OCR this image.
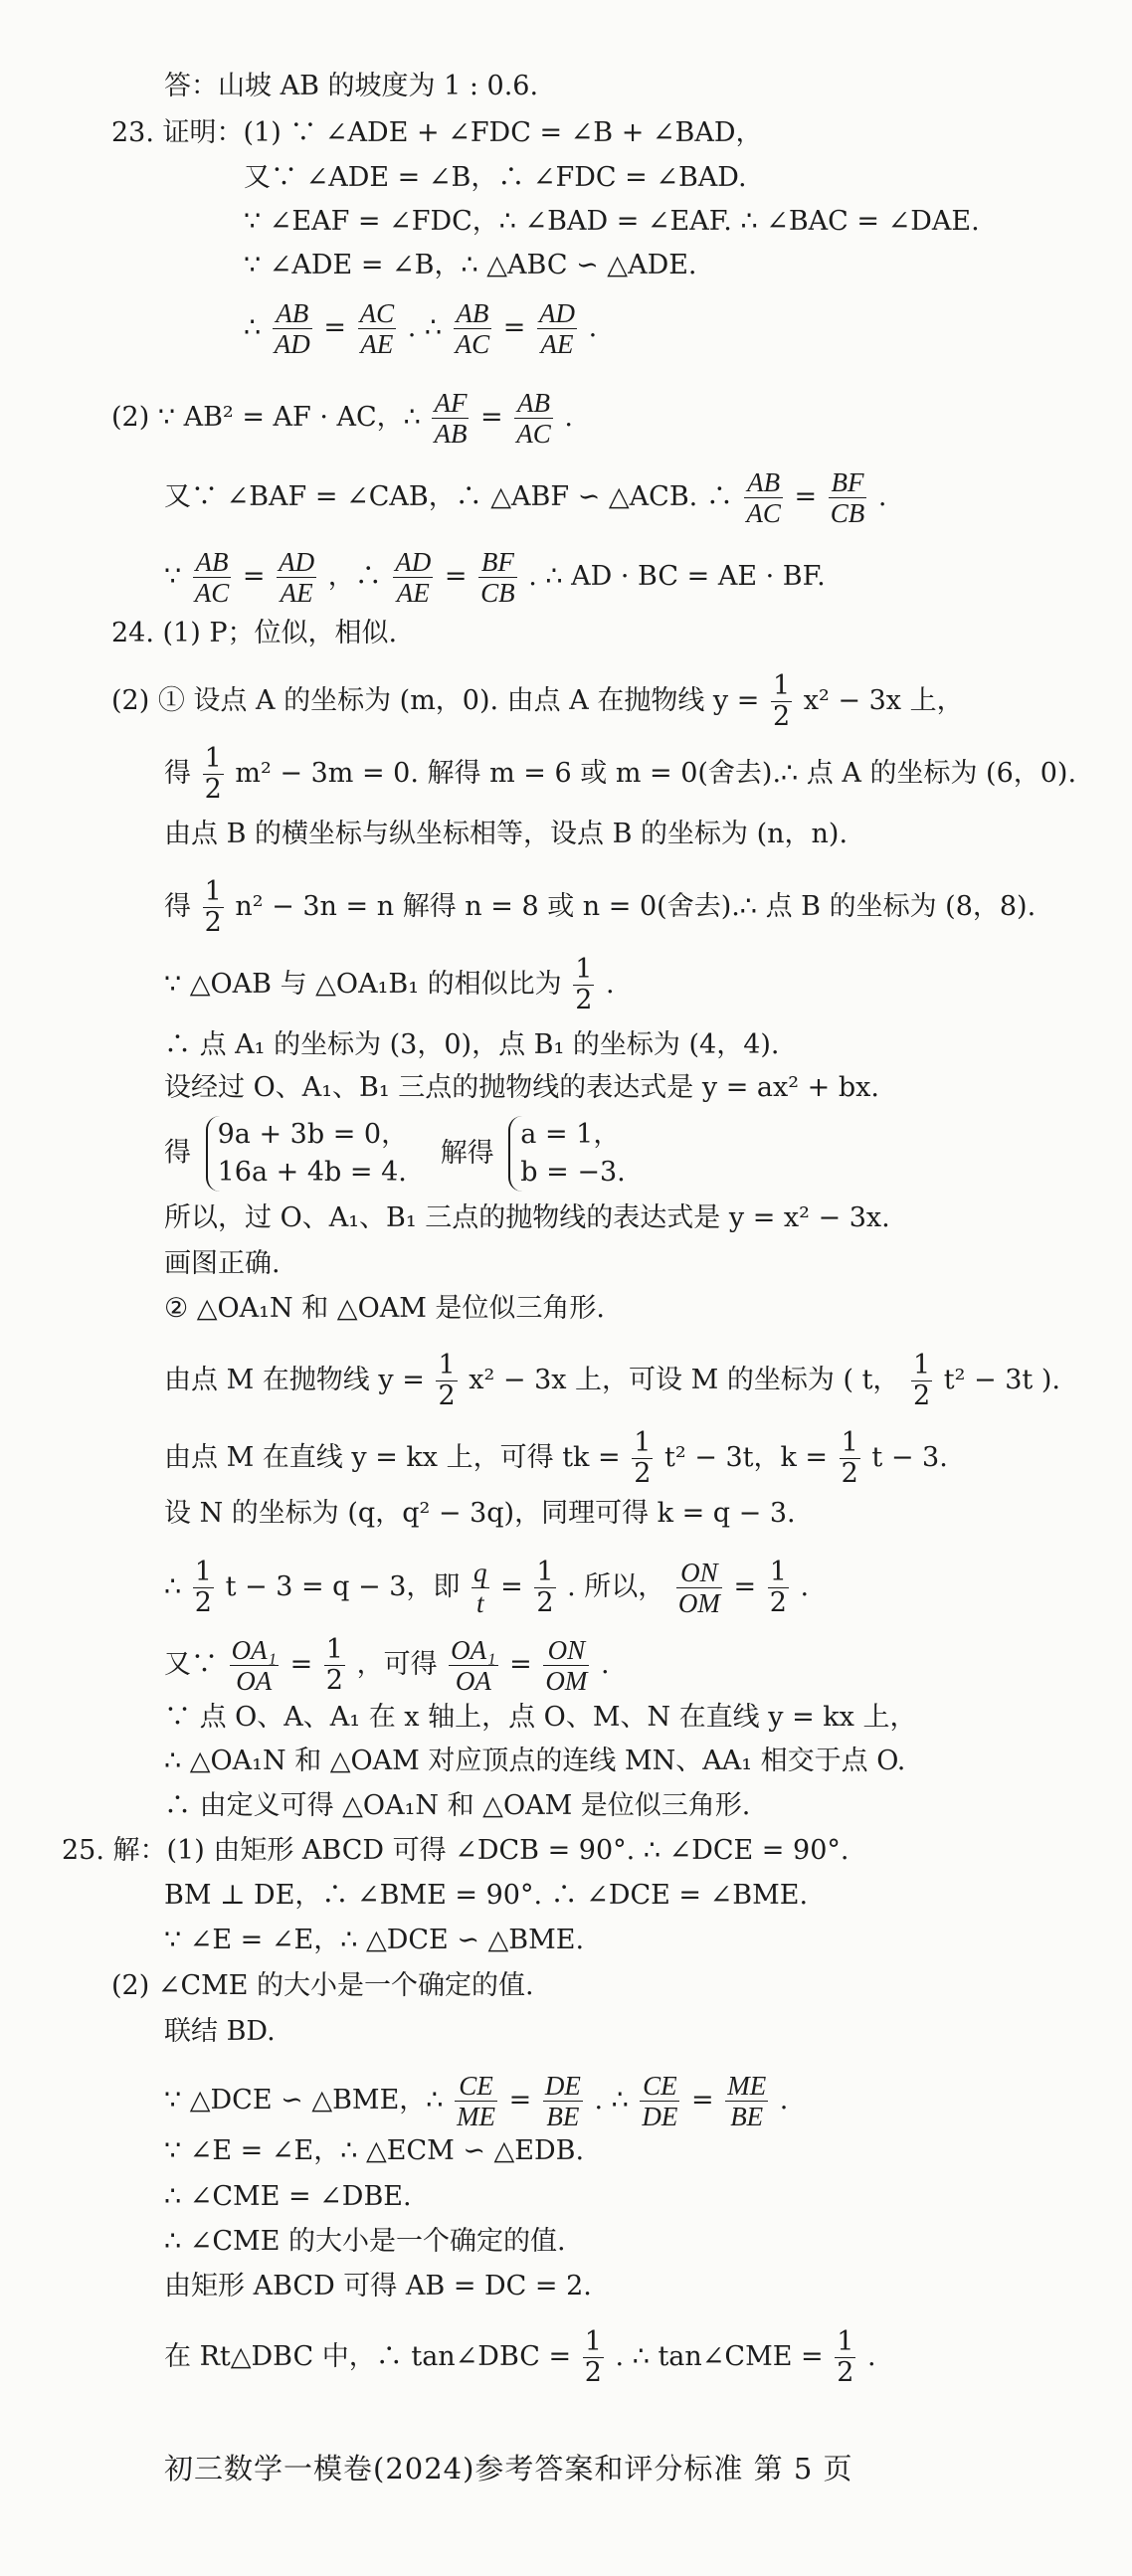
答：山坡 AB 的坡度为 1 : 0.6.
23. 证明：(1) ∵ ∠ADE + ∠FDC = ∠B + ∠BAD，
又∵ ∠ADE = ∠B，∴ ∠FDC = ∠BAD.
∵ ∠EAF = ∠FDC，∴ ∠BAD = ∠EAF. ∴ ∠BAC = ∠DAE.
∵ ∠ADE = ∠B，∴ △ABC ∽ △ADE.
∴ $\frac{AB}{AD} = \frac{AC}{AE}$ . ∴ $\frac{AB}{AC} = \frac{AD}{AE}$ .
(2) ∵ AB² = AF · AC，∴ $\frac{AF}{AB} = \frac{AB}{AC}$ .
又∵ ∠BAF = ∠CAB，∴ △ABF ∽ △ACB. ∴ $\frac{AB}{AC} = \frac{BF}{CB}$ .
∵ $\frac{AB}{AC} = \frac{AD}{AE}$ ，∴ $\frac{AD}{AE} = \frac{BF}{CB}$ . ∴ AD · BC = AE · BF.
24. (1) P；位似，相似.
(2) ① 设点 A 的坐标为 (m，0). 由点 A 在抛物线 $y = \frac{1}{2} x^2 - 3x$ 上，
得 $\frac{1}{2} m^2 - 3m = 0$. 解得 m = 6 或 m = 0(舍去).∴ 点 A 的坐标为 (6，0).
由点 B 的横坐标与纵坐标相等，设点 B 的坐标为 (n，n).
得 $\frac{1}{2} n^2 - 3n = n$ 解得 n = 8 或 n = 0(舍去).∴ 点 B 的坐标为 (8，8).
∵ △OAB 与 △OA₁B₁ 的相似比为 $\frac{1}{2}$ .
∴ 点 A₁ 的坐标为 (3，0)，点 B₁ 的坐标为 (4，4).
设经过 O、A₁、B₁ 三点的抛物线的表达式是 y = ax² + bx.
得
9a + 3b = 0，
16a + 4b = 4.
解得
a = 1，
b = −3.
所以，过 O、A₁、B₁ 三点的抛物线的表达式是 y = x² − 3x.
画图正确.
② △OA₁N 和 △OAM 是位似三角形.
由点 M 在抛物线 $y = \frac{1}{2} x^2 - 3x$ 上，可设 M 的坐标为 ( t， $\frac{1}{2} t^2 - 3t$ ).
由点 M 在直线 y = kx 上，可得 tk = $\frac{1}{2} t^2 - 3t$，$k = \frac{1}{2}$ t − 3.
设 N 的坐标为 (q，q² − 3q)，同理可得 k = q − 3.
∴ $\frac{1}{2}$ t − 3 = q − 3，即 $\frac{q}{t} = \frac{1}{2}$ . 所以， $\frac{ON}{OM} = \frac{1}{2}$ .
又∵ $\frac{\text{OA₁}}{OA} = \frac{1}{2}$ ，可得 $\frac{\text{OA₁}}{OA} = \frac{ON}{OM}$ .
∵ 点 O、A、A₁ 在 x 轴上，点 O、M、N 在直线 y = kx 上，
∴ △OA₁N 和 △OAM 对应顶点的连线 MN、AA₁ 相交于点 O.
∴ 由定义可得 △OA₁N 和 △OAM 是位似三角形.
25. 解：(1) 由矩形 ABCD 可得 ∠DCB = 90°. ∴ ∠DCE = 90°.
BM ⊥ DE，∴ ∠BME = 90°. ∴ ∠DCE = ∠BME.
∵ ∠E = ∠E，∴ △DCE ∽ △BME.
(2) ∠CME 的大小是一个确定的值.
联结 BD.
∵ △DCE ∽ △BME，∴ $\frac{CE}{ME} = \frac{DE}{BE}$ . ∴ $\frac{CE}{DE} = \frac{ME}{BE}$ .
∵ ∠E = ∠E，∴ △ECM ∽ △EDB.
∴ ∠CME = ∠DBE.
∴ ∠CME 的大小是一个确定的值.
由矩形 ABCD 可得 AB = DC = 2.
在 Rt△DBC 中，∴ tan∠DBC = $\frac{1}{2}$ . ∴ tan∠CME = $\frac{1}{2}$ .
初三数学一模卷(2024)参考答案和评分标准 第 5 页
